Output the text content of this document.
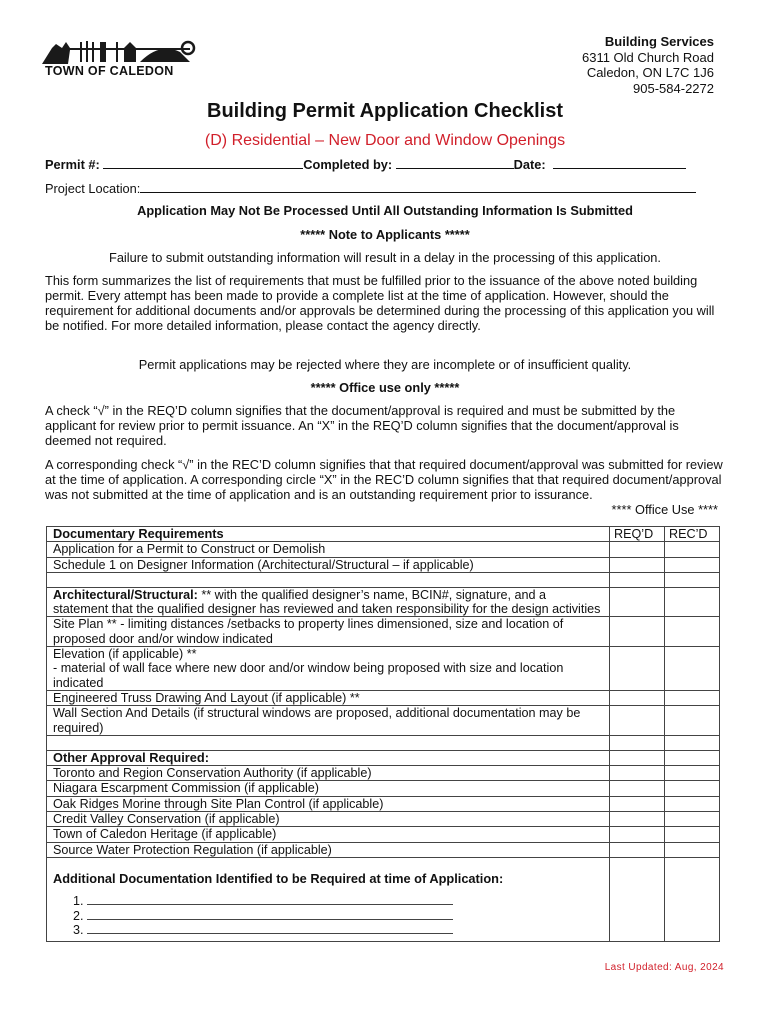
TOWN OF CALEDON
Building Services
6311 Old Church Road
Caledon, ON L7C 1J6
905-584-2272
Building Permit Application Checklist
(D) Residential – New Door and Window Openings
Permit #:	Completed by:	Date:
Project Location:
Application May Not Be Processed Until All Outstanding Information Is Submitted
***** Note to Applicants *****
Failure to submit outstanding information will result in a delay in the processing of this application.
This form summarizes the list of requirements that must be fulfilled prior to the issuance of the above noted building permit. Every attempt has been made to provide a complete list at the time of application. However, should the requirement for additional documents and/or approvals be determined during the processing of this application you will be notified. For more detailed information, please contact the agency directly.
Permit applications may be rejected where they are incomplete or of insufficient quality.
***** Office use only *****
A check “√” in the REQ’D column signifies that the document/approval is required and must be submitted by the applicant for review prior to permit issuance. An “X” in the REQ’D column signifies that the document/approval is deemed not required.
A corresponding check “√” in the REC’D column signifies that that required document/approval was submitted for review at the time of application. A corresponding circle “X” in the REC’D column signifies that that required document/approval was not submitted at the time of application and is an outstanding requirement prior to issurance.
**** Office Use ****
Documentary Requirements	REQ’D	REC’D
Application for a Permit to Construct or Demolish		
Schedule 1 on Designer Information (Architectural/Structural – if applicable)		

Architectural/Structural: ** with the qualified designer’s name, BCIN#, signature, and a statement that the qualified designer has reviewed and taken responsibility for the design activities		
Site Plan ** - limiting distances /setbacks to property lines dimensioned, size and location of proposed door and/or window indicated		

Elevation (if applicable) **
- material of wall face where new door and/or window being proposed with size and location indicated		

Engineered Truss Drawing And Layout (if applicable) **		
Wall Section And Details (if structural windows are proposed, additional documentation may be required)		

Other Approval Required:		
Toronto and Region Conservation Authority (if applicable)		
Niagara Escarpment Commission (if applicable)		
Oak Ridges Morine through Site Plan Control (if applicable)		
Credit Valley Conservation (if applicable)		
Town of Caledon Heritage (if applicable)		
Source Water Protection Regulation (if applicable)		

Additional Documentation Identified to be Required at time of Application:
1.
2.
3.		

Last Updated: Aug, 2024
